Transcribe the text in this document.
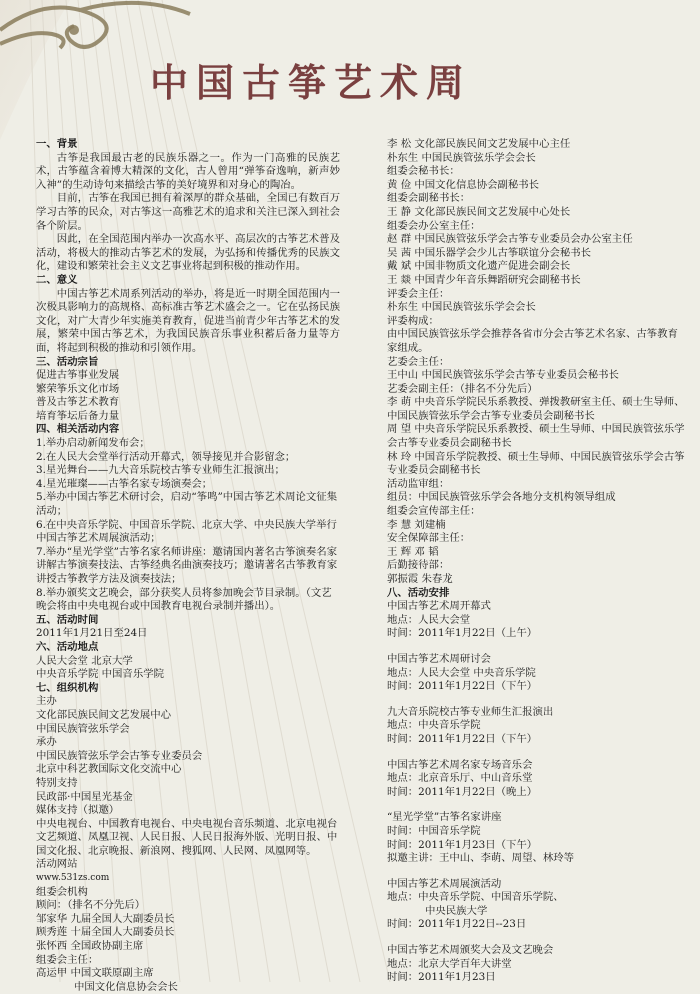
中国古筝艺术周
一、背景
古筝是我国最古老的民族乐器之一。作为一门高雅的民族艺术，古筝蕴含着博大精深的文化，古人曾用“弹筝奋逸响，新声妙入神”的生动诗句来描绘古筝的美好境界和对身心的陶冶。
目前，古筝在我国已拥有着深厚的群众基础，全国已有数百万学习古筝的民众，对古筝这一高雅艺术的追求和关注已深入到社会各个阶层。
因此，在全国范围内举办一次高水平、高层次的古筝艺术普及活动，将极大的推动古筝艺术的发展，为弘扬和传播优秀的民族文化，建设和繁荣社会主义文艺事业将起到积极的推动作用。
二、意义
中国古筝艺术周系列活动的举办，将是近一时期全国范围内一次极具影响力的高规格、高标准古筝艺术盛会之一。它在弘扬民族文化，对广大青少年实施美育教育，促进当前青少年古筝艺术的发展，繁荣中国古筝艺术，为我国民族音乐事业积蓄后备力量等方面，将起到积极的推动和引领作用。
三、活动宗旨
促进古筝事业发展
繁荣筝乐文化市场
普及古筝艺术教育
培育筝坛后备力量
四、相关活动内容
1.举办启动新闻发布会；
2.在人民大会堂举行活动开幕式，领导接见并合影留念；
3.星光舞台——九大音乐院校古筝专业师生汇报演出；
4.星光璀璨——古筝名家专场演奏会；
5.举办中国古筝艺术研讨会，启动“筝鸣”中国古筝艺术周论文征集活动；
6.在中央音乐学院、中国音乐学院、北京大学、中央民族大学举行中国古筝艺术周展演活动；
7.举办“星光学堂”古筝名家名师讲座：邀请国内著名古筝演奏名家讲解古筝演奏技法、古筝经典名曲演奏技巧；邀请著名古筝教育家讲授古筝教学方法及演奏技法；
8.举办颁奖文艺晚会，部分获奖人员将参加晚会节目录制。（文艺晚会将由中央电视台或中国教育电视台录制并播出）。
五、活动时间
2011年1月21日至24日
六、活动地点
人民大会堂 北京大学
中央音乐学院 中国音乐学院
七、组织机构
主办
文化部民族民间文艺发展中心
中国民族管弦乐学会
承办
中国民族管弦乐学会古筝专业委员会
北京中科艺教国际文化交流中心
特别支持
民政部·中国星光基金
媒体支持（拟邀）
中央电视台、中国教育电视台、中央电视台音乐频道、北京电视台文艺频道、凤凰卫视、人民日报、人民日报海外版、光明日报、中国文化报、北京晚报、新浪网、搜狐网、人民网、凤凰网等。
活动网站
www.531zs.com
组委会机构
顾问：（排名不分先后）
邹家华 九届全国人大副委员长
顾秀莲 十届全国人大副委员长
张怀西 全国政协副主席
组委会主任：
高运甲 中国文联原副主席
中国文化信息协会会长
李 松 文化部民族民间文艺发展中心主任
朴东生 中国民族管弦乐学会会长
组委会秘书长：
黄 俭 中国文化信息协会副秘书长
组委会副秘书长：
王 静 文化部民族民间文艺发展中心处长
组委会办公室主任：
赵 群 中国民族管弦乐学会古筝专业委员会办公室主任
吴 茜 中国乐器学会少儿古筝联谊分会秘书长
戴 斌 中国非物质文化遗产促进会副会长
王 燚 中国青少年音乐舞蹈研究会副秘书长
评委会主任：
朴东生 中国民族管弦乐学会会长
评委构成：
由中国民族管弦乐学会推荐各省市分会古筝艺术名家、古筝教育家组成。
艺委会主任：
王中山 中国民族管弦乐学会古筝专业委员会秘书长
艺委会副主任：（排名不分先后）
李 萌 中央音乐学院民乐系教授、弹拨教研室主任、硕士生导师、中国民族管弦乐学会古筝专业委员会副秘书长
周 望 中央音乐学院民乐系教授、硕士生导师、中国民族管弦乐学会古筝专业委员会副秘书长
林 玲 中国音乐学院教授、硕士生导师、中国民族管弦乐学会古筝专业委员会副秘书长
活动监审组：
组员：中国民族管弦乐学会各地分支机构领导组成
组委会宣传部主任：
李 慧 刘建楠
安全保障部主任：
王 辉 邓 韬
后勤接待部：
郭振霞 朱春龙
八、活动安排
中国古筝艺术周开幕式
地点：人民大会堂
时间：2011年1月22日（上午）
中国古筝艺术周研讨会
地点：人民大会堂 中央音乐学院
时间：2011年1月22日（下午）
九大音乐院校古筝专业师生汇报演出
地点：中央音乐学院
时间：2011年1月22日（下午）
中国古筝艺术周名家专场音乐会
地点：北京音乐厅、中山音乐堂
时间：2011年1月22日（晚上）
“星光学堂”古筝名家讲座
时间：中国音乐学院
时间：2011年1月23日（下午）
拟邀主讲：王中山、李萌、周望、林玲等
中国古筝艺术周展演活动
地点：中央音乐学院、中国音乐学院、
中央民族大学
时间：2011年1月22日--23日
中国古筝艺术周颁奖大会及文艺晚会
地点：北京大学百年大讲堂
时间：2011年1月23日
